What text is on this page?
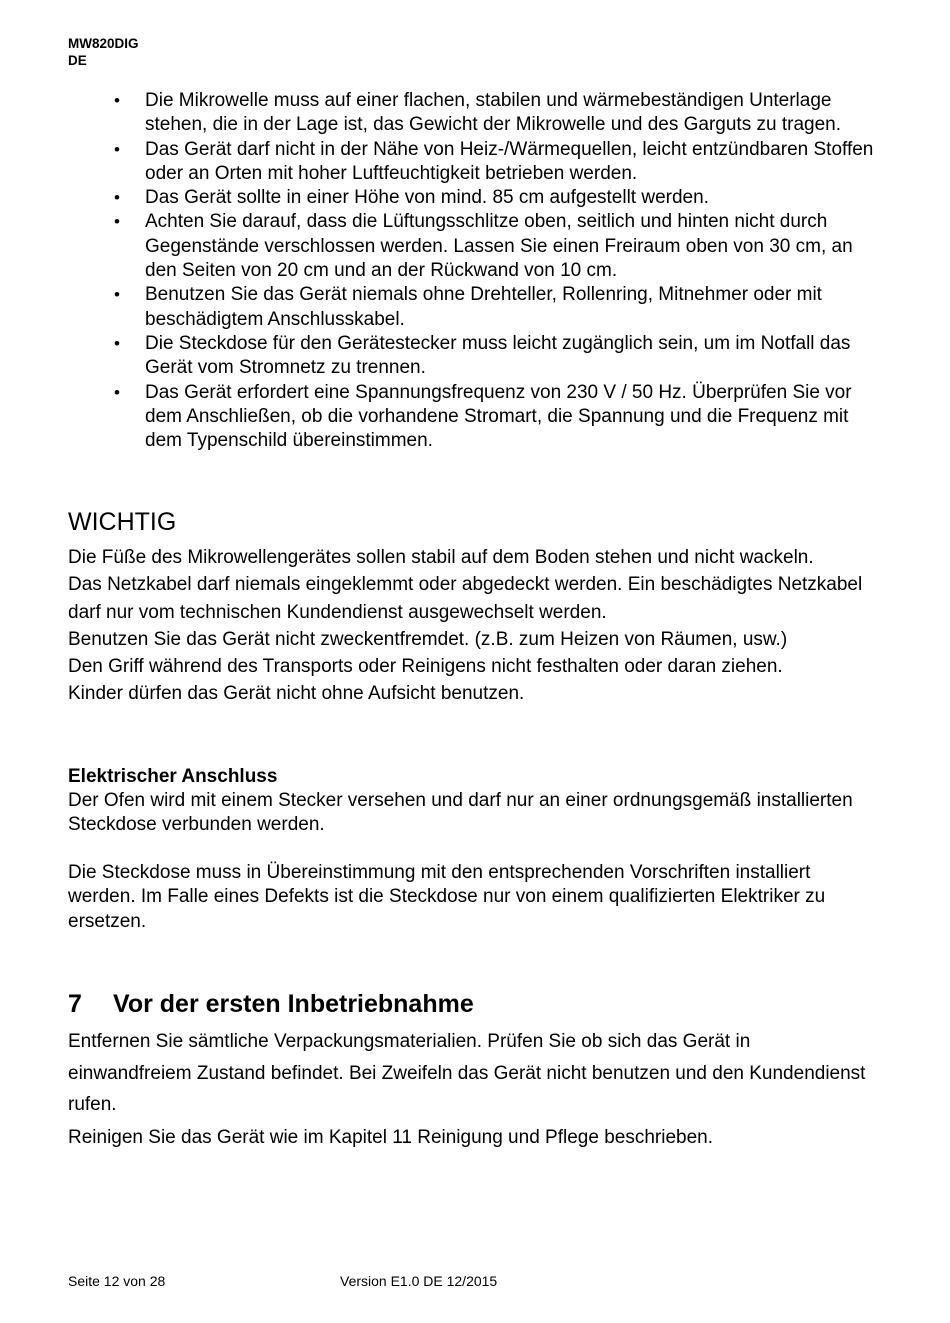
MW820DIG
DE
• Die Mikrowelle muss auf einer flachen, stabilen und wärmebeständigen Unterlage stehen, die in der Lage ist, das Gewicht der Mikrowelle und des Garguts zu tragen.
• Das Gerät darf nicht in der Nähe von Heiz-/Wärmequellen, leicht entzündbaren Stoffen oder an Orten mit hoher Luftfeuchtigkeit betrieben werden.
• Das Gerät sollte in einer Höhe von mind. 85 cm aufgestellt werden.
• Achten Sie darauf, dass die Lüftungsschlitze oben, seitlich und hinten nicht durch Gegenstände verschlossen werden. Lassen Sie einen Freiraum oben von 30 cm, an den Seiten von 20 cm und an der Rückwand von 10 cm.
• Benutzen Sie das Gerät niemals ohne Drehteller, Rollenring, Mitnehmer oder mit beschädigtem Anschlusskabel.
• Die Steckdose für den Gerätestecker muss leicht zugänglich sein, um im Notfall das Gerät vom Stromnetz zu trennen.
• Das Gerät erfordert eine Spannungsfrequenz von 230 V / 50 Hz. Überprüfen Sie vor dem Anschließen, ob die vorhandene Stromart, die Spannung und die Frequenz mit dem Typenschild übereinstimmen.
WICHTIG

Die Füße des Mikrowellengerätes sollen stabil auf dem Boden stehen und nicht wackeln.

Das Netzkabel darf niemals eingeklemmt oder abgedeckt werden. Ein beschädigtes Netzkabel darf nur vom technischen Kundendienst ausgewechselt werden.

Benutzen Sie das Gerät nicht zweckentfremdet. (z.B. zum Heizen von Räumen, usw.)

Den Griff während des Transports oder Reinigens nicht festhalten oder daran ziehen.

Kinder dürfen das Gerät nicht ohne Aufsicht benutzen.

Elektrischer Anschluss

Der Ofen wird mit einem Stecker versehen und darf nur an einer ordnungsgemäß installierten Steckdose verbunden werden.

Die Steckdose muss in Übereinstimmung mit den entsprechenden Vorschriften installiert werden. Im Falle eines Defekts ist die Steckdose nur von einem qualifizierten Elektriker zu ersetzen.

7 Vor der ersten Inbetriebnahme

Entfernen Sie sämtliche Verpackungsmaterialien. Prüfen Sie ob sich das Gerät in einwandfreiem Zustand befindet. Bei Zweifeln das Gerät nicht benutzen und den Kundendienst rufen.

Reinigen Sie das Gerät wie im Kapitel 11 Reinigung und Pflege beschrieben.

Seite 12 von 28	Version E1.0 DE 12/2015
